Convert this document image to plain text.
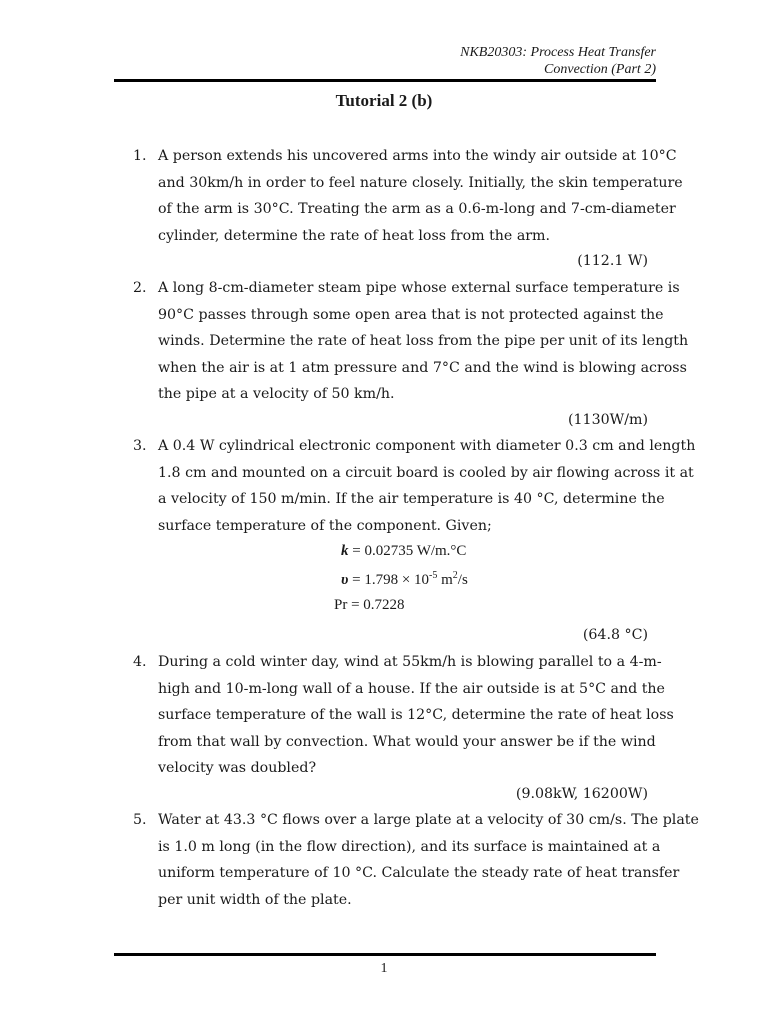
NKB20303: Process Heat Transfer
Convection (Part 2)
Tutorial 2 (b)
1. A person extends his uncovered arms into the windy air outside at 10°C
and 30km/h in order to feel nature closely. Initially, the skin temperature
of the arm is 30°C. Treating the arm as a 0.6-m-long and 7-cm-diameter
cylinder, determine the rate of heat loss from the arm.
(112.1 W)
2. A long 8-cm-diameter steam pipe whose external surface temperature is
90°C passes through some open area that is not protected against the
winds. Determine the rate of heat loss from the pipe per unit of its length
when the air is at 1 atm pressure and 7°C and the wind is blowing across
the pipe at a velocity of 50 km/h.
(1130W/m)
3. A 0.4 W cylindrical electronic component with diameter 0.3 cm and length
1.8 cm and mounted on a circuit board is cooled by air flowing across it at
a velocity of 150 m/min. If the air temperature is 40 °C, determine the
surface temperature of the component. Given;
k = 0.02735 W/m.°C
$\upsilon = 1.798 \times 10^{-5}$ $m^2/s$
Pr = 0.7228
(64.8 °C)
4. During a cold winter day, wind at 55km/h is blowing parallel to a 4-m-
high and 10-m-long wall of a house. If the air outside is at 5°C and the
surface temperature of the wall is 12°C, determine the rate of heat loss
from that wall by convection. What would your answer be if the wind
velocity was doubled?
(9.08kW, 16200W)
5. Water at 43.3 °C flows over a large plate at a velocity of 30 cm/s. The plate
is 1.0 m long (in the flow direction), and its surface is maintained at a
uniform temperature of 10 °C. Calculate the steady rate of heat transfer
per unit width of the plate.
1
